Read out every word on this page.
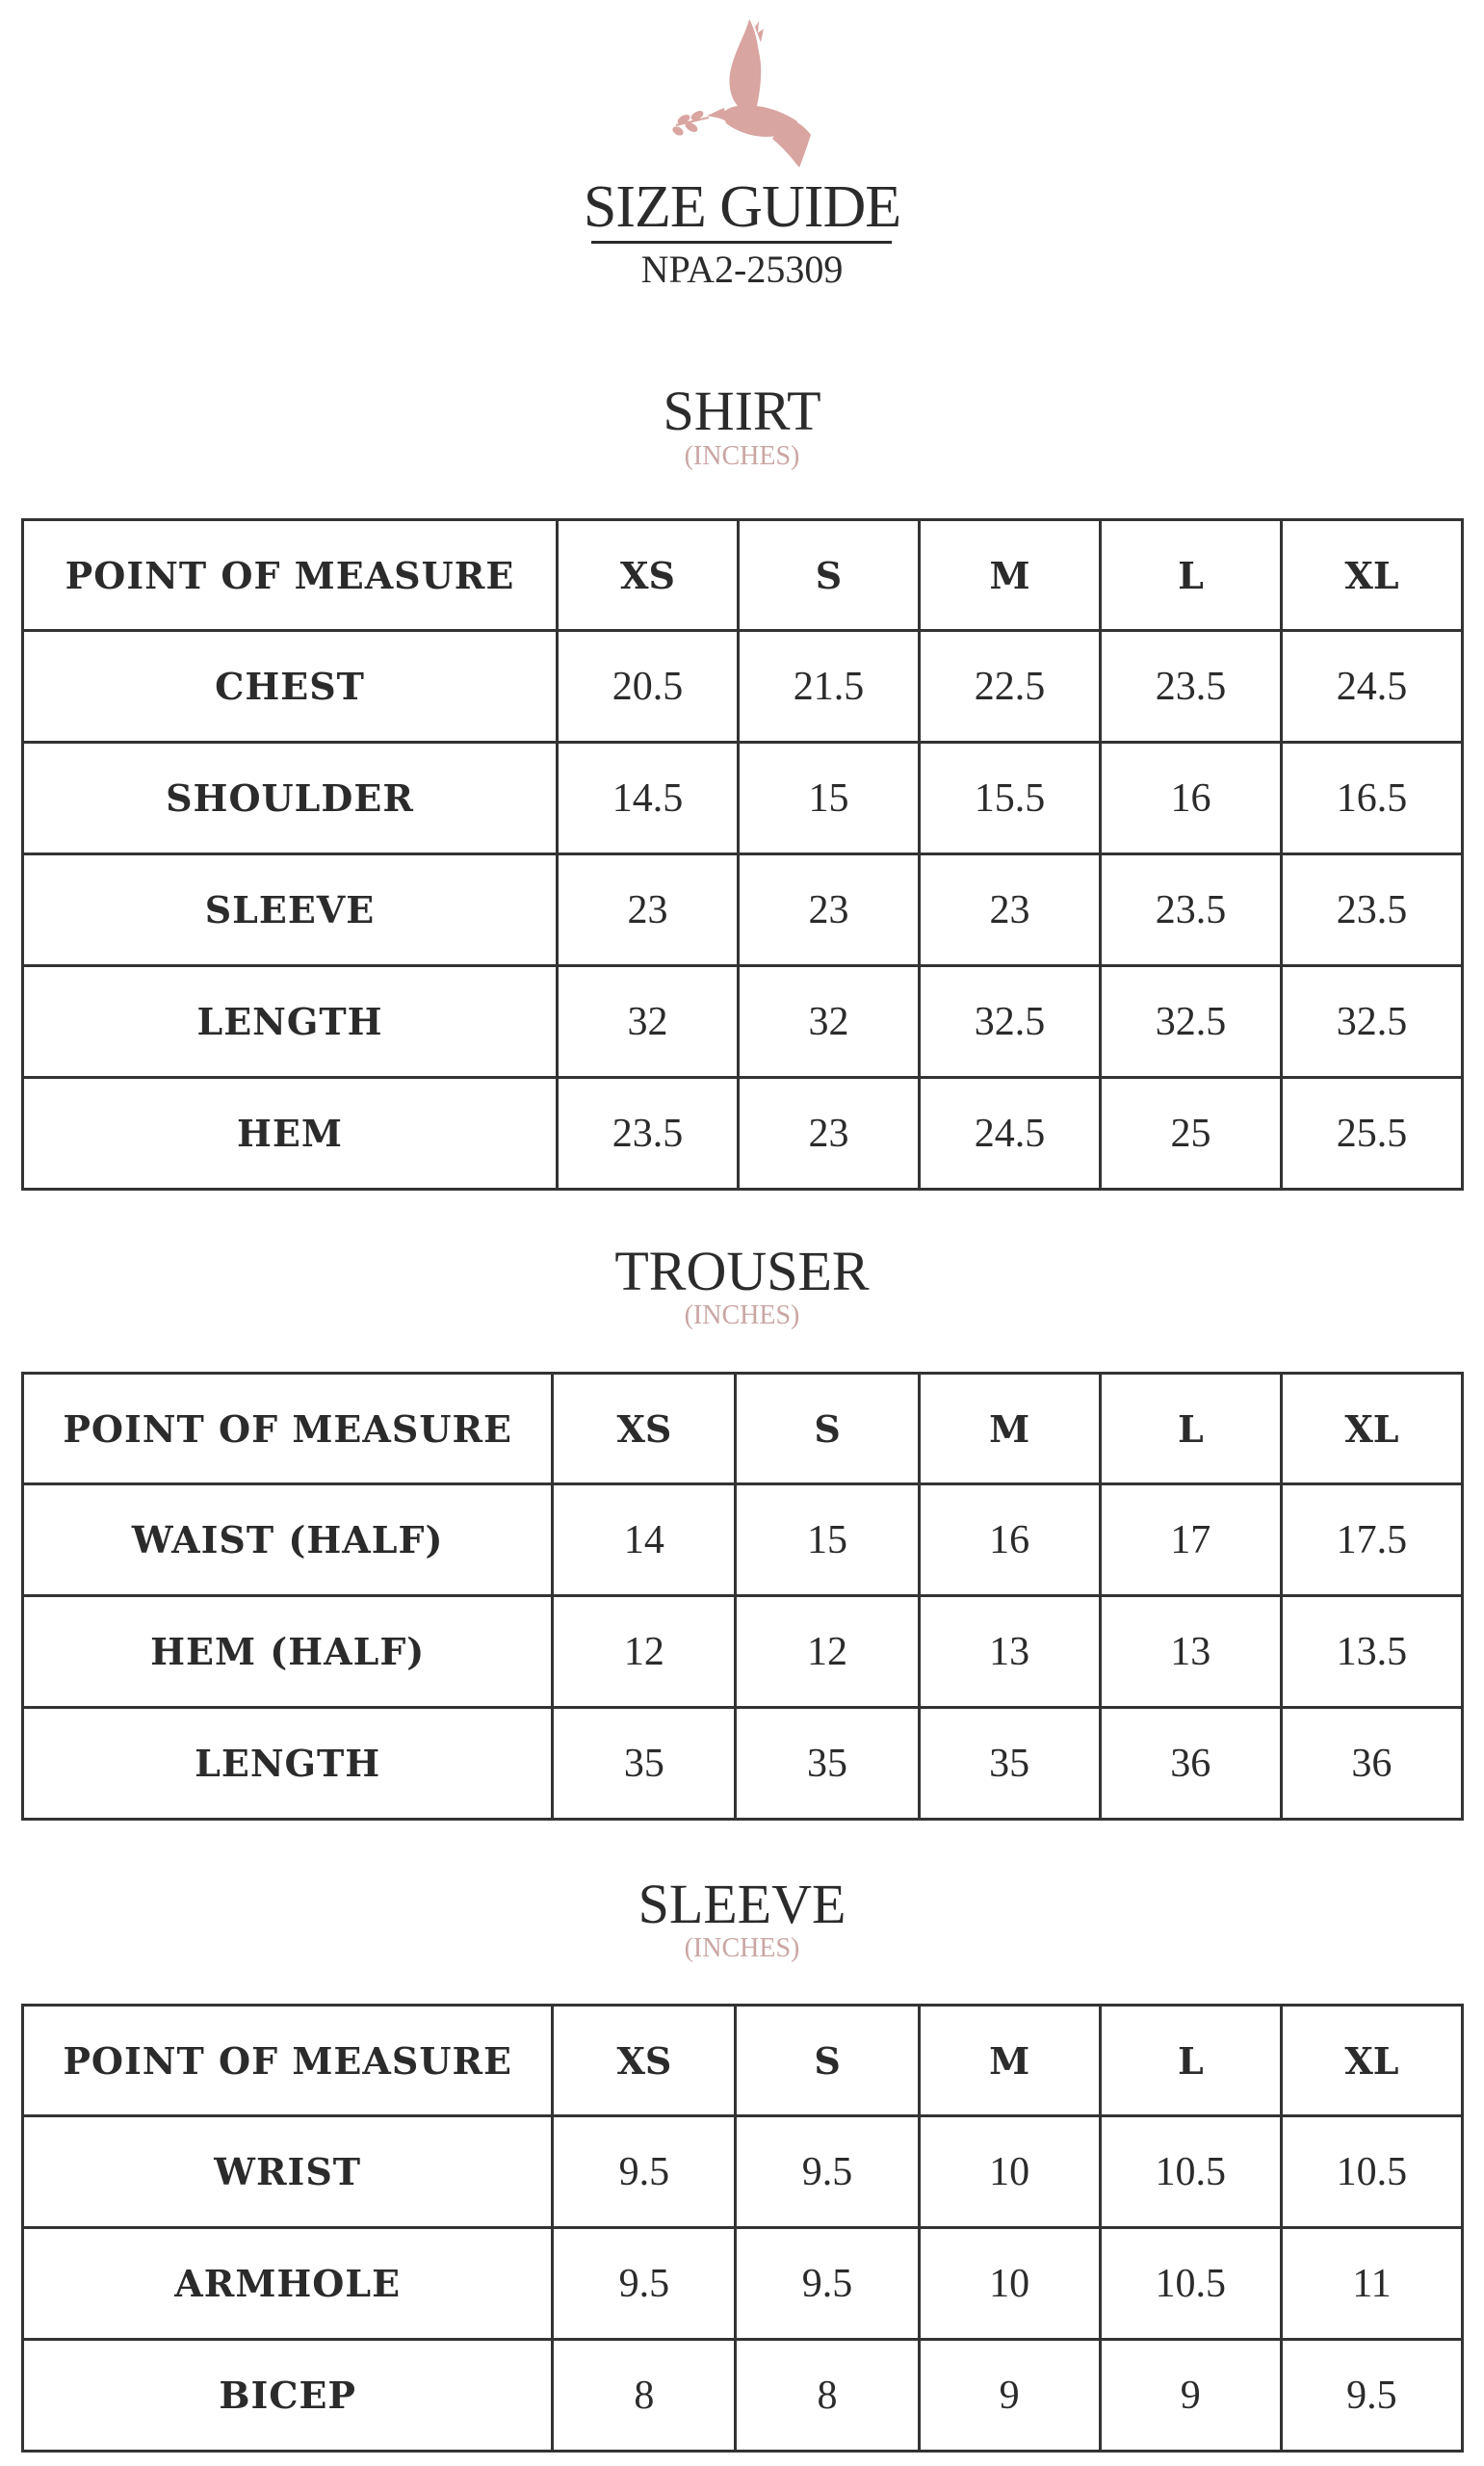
SIZE GUIDE
NPA2-25309
SHIRT
(INCHES)
POINT OF MEASURE	XS	S	M	L	XL
CHEST	20.5	21.5	22.5	23.5	24.5
SHOULDER	14.5	15	15.5	16	16.5
SLEEVE	23	23	23	23.5	23.5
LENGTH	32	32	32.5	32.5	32.5
HEM	23.5	23	24.5	25	25.5
TROUSER
(INCHES)
POINT OF MEASURE	XS	S	M	L	XL
WAIST (HALF)	14	15	16	17	17.5
HEM (HALF)	12	12	13	13	13.5
LENGTH	35	35	35	36	36
SLEEVE
(INCHES)
POINT OF MEASURE	XS	S	M	L	XL
WRIST	9.5	9.5	10	10.5	10.5
ARMHOLE	9.5	9.5	10	10.5	11
BICEP	8	8	9	9	9.5
